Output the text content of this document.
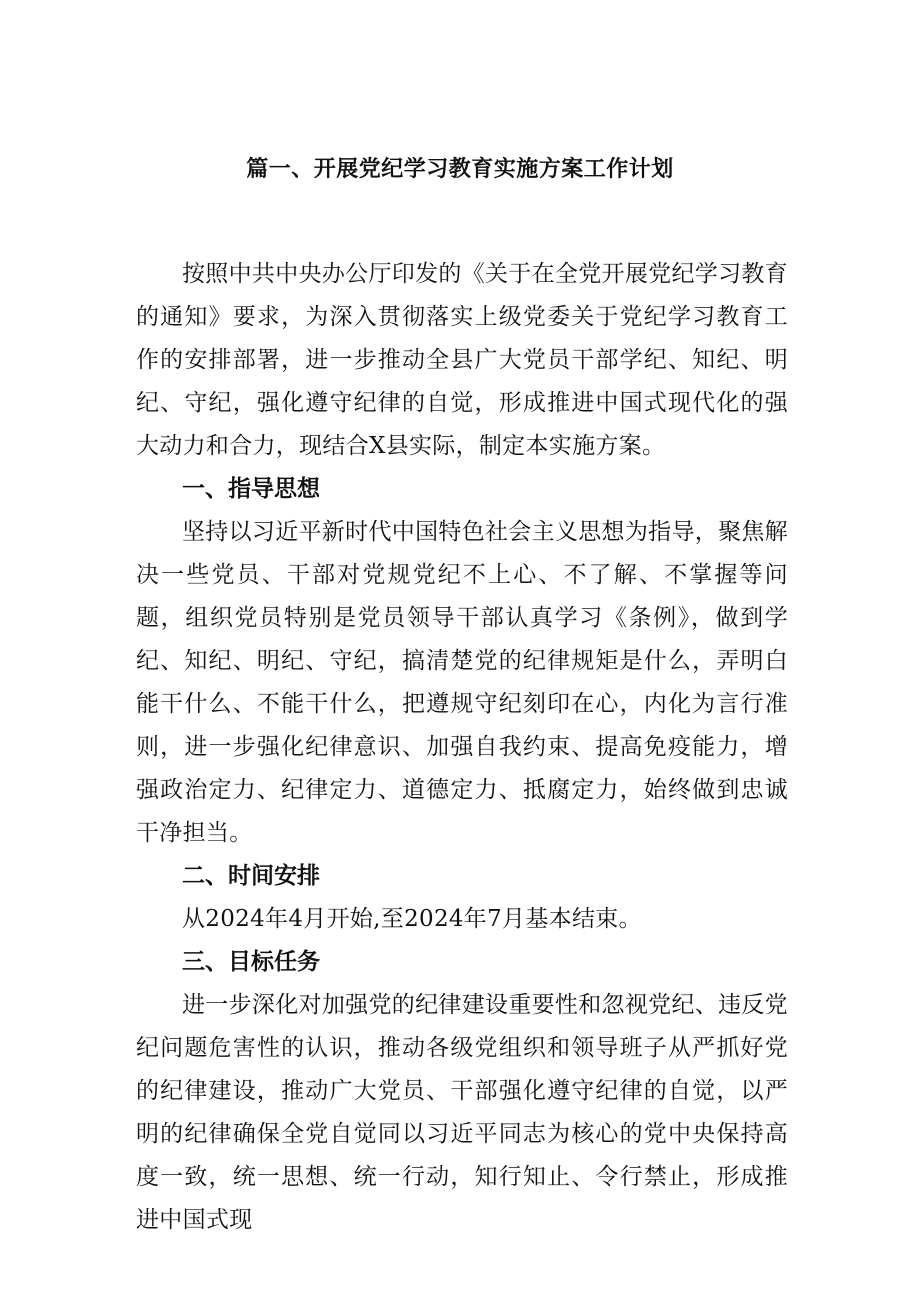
篇一、开展党纪学习教育实施方案工作计划

按照中共中央办公厅印发的《关于在全党开展党纪学习教育的通知》要求，为深入贯彻落实上级党委关于党纪学习教育工作的安排部署，进一步推动全县广大党员干部学纪、知纪、明纪、守纪，强化遵守纪律的自觉，形成推进中国式现代化的强大动力和合力，现结合X县实际，制定本实施方案。

一、指导思想

坚持以习近平新时代中国特色社会主义思想为指导，聚焦解决一些党员、干部对党规党纪不上心、不了解、不掌握等问题，组织党员特别是党员领导干部认真学习《条例》，做到学纪、知纪、明纪、守纪，搞清楚党的纪律规矩是什么，弄明白能干什么、不能干什么，把遵规守纪刻印在心，内化为言行准则，进一步强化纪律意识、加强自我约束、提高免疫能力，增强政治定力、纪律定力、道德定力、抵腐定力，始终做到忠诚干净担当。

二、时间安排

从2024年4月开始,至2024年7月基本结束。

三、目标任务

进一步深化对加强党的纪律建设重要性和忽视党纪、违反党纪问题危害性的认识，推动各级党组织和领导班子从严抓好党的纪律建设，推动广大党员、干部强化遵守纪律的自觉，以严明的纪律确保全党自觉同以习近平同志为核心的党中央保持高度一致，统一思想、统一行动，知行知止、令行禁止，形成推进中国式现
